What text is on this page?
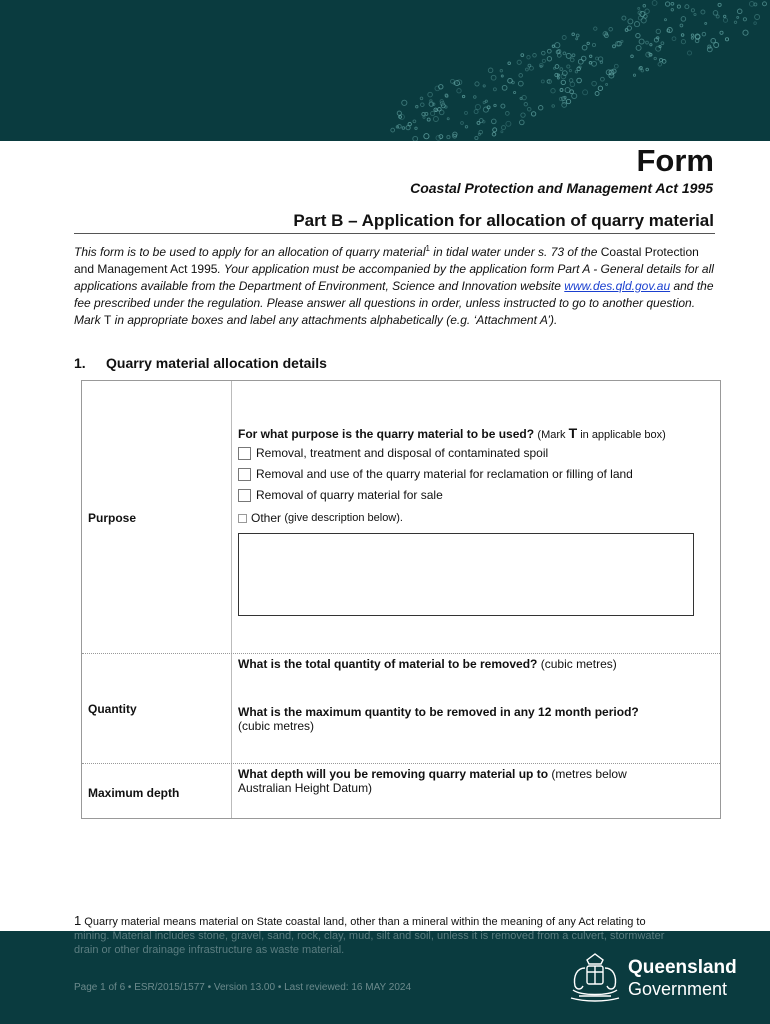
Form
Coastal Protection and Management Act 1995
Part B – Application for allocation of quarry material
This form is to be used to apply for an allocation of quarry material$^1$ in tidal water under s. 73 of the Coastal Protection and Management Act 1995. Your application must be accompanied by the application form Part A - General details for all applications available from the Department of Environment, Science and Innovation website www.des.qld.gov.au and the fee prescribed under the regulation. Please answer all questions in order, unless instructed to go to another question. Mark T in appropriate boxes and label any attachments alphabetically (e.g. ‘Attachment A’).
1. Quarry material allocation details
Purpose
For what purpose is the quarry material to be used? (Mark T in applicable box)
Removal, treatment and disposal of contaminated spoil
Removal and use of the quarry material for reclamation or filling of land
Removal of quarry material for sale
Other
(give description below).
Quantity
What is the total quantity of material to be removed? (cubic metres)
What is the maximum quantity to be removed in any 12 month period?
(cubic metres)
Maximum depth
What depth will you be removing quarry material up to (metres below
Australian Height Datum)
1 Quarry material means material on State coastal land, other than a mineral within the meaning of any Act relating to
mining. Material includes stone, gravel, sand, rock, clay, mud, silt and soil, unless it is removed from a culvert, stormwater
drain or other drainage infrastructure as waste material.
Page 1 of 6 • ESR/2015/1577 • Version 13.00 • Last reviewed: 16 MAY 2024
Queensland
Government
